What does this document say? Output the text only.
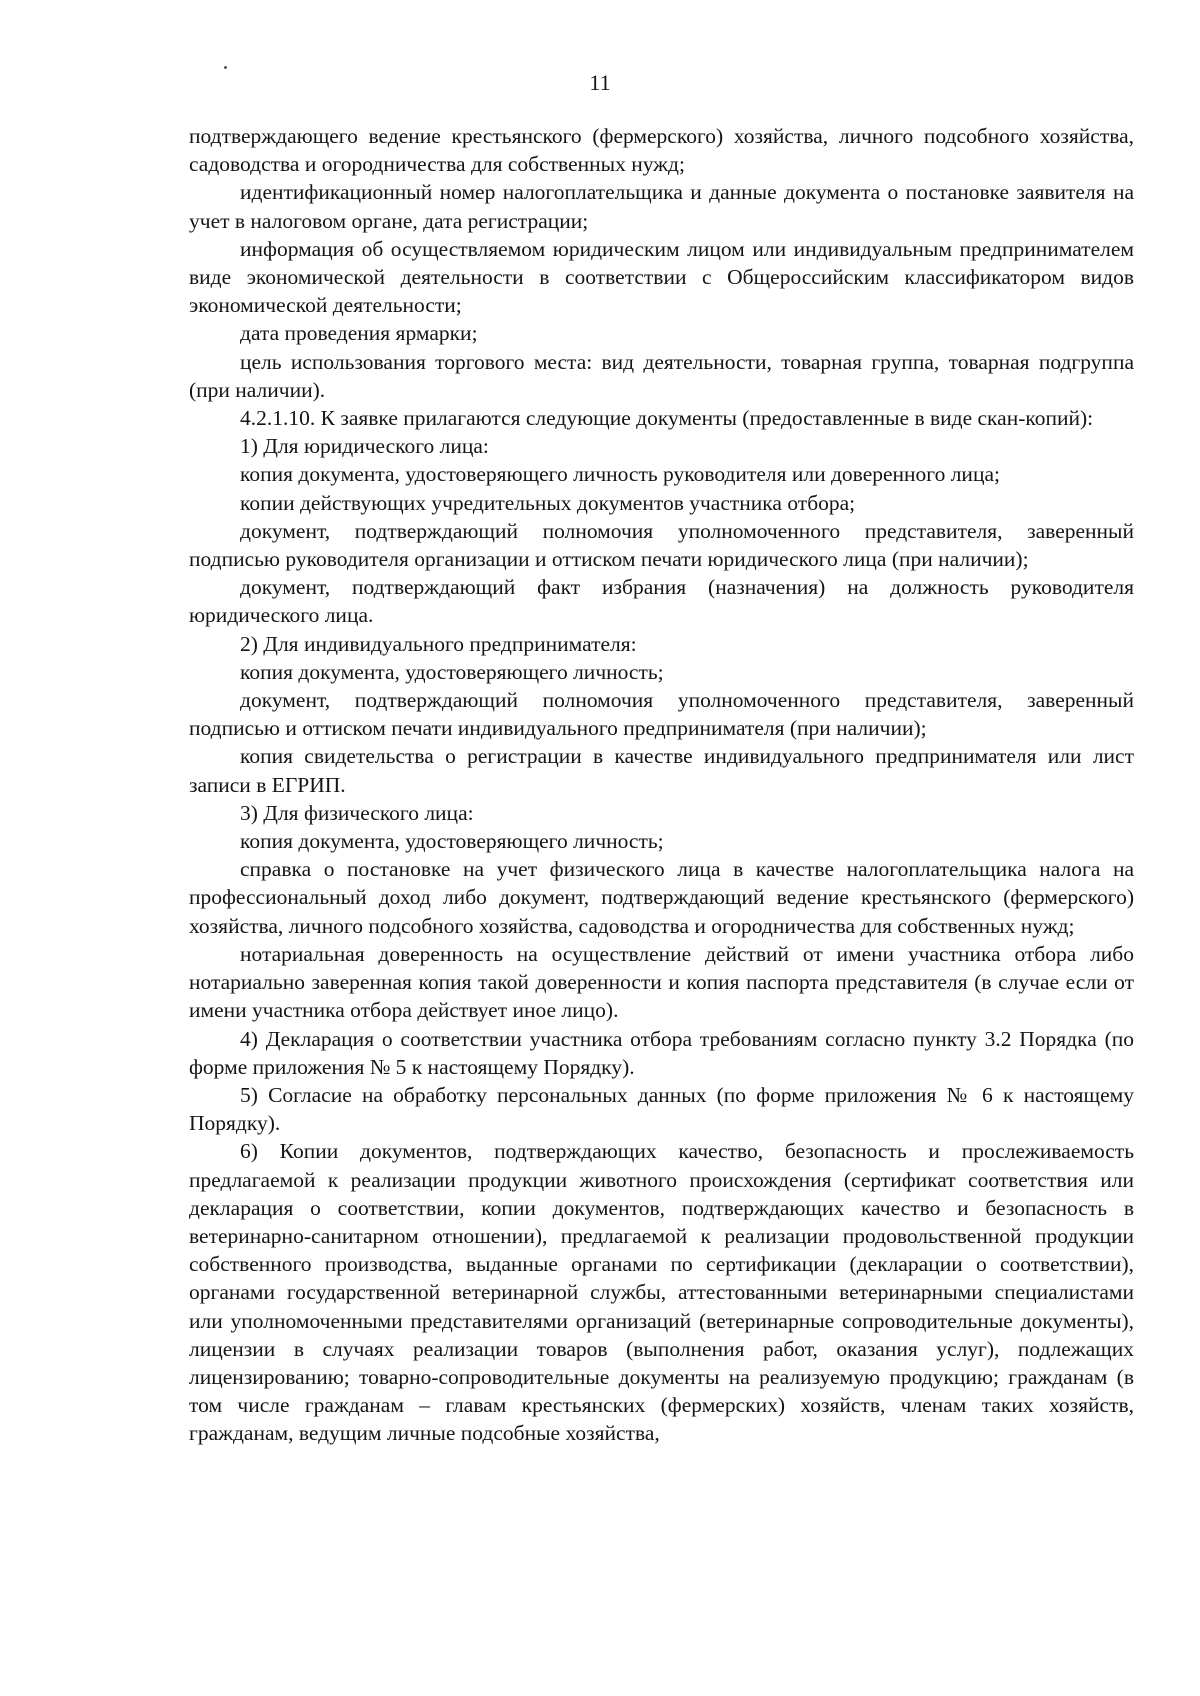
11

подтверждающего ведение крестьянского (фермерского) хозяйства, личного подсобного хозяйства, садоводства и огородничества для собственных нужд;

идентификационный номер налогоплательщика и данные документа о постановке заявителя на учет в налоговом органе, дата регистрации;

информация об осуществляемом юридическим лицом или индивидуальным предпринимателем виде экономической деятельности в соответствии с Общероссийским классификатором видов экономической деятельности;

дата проведения ярмарки;

цель использования торгового места: вид деятельности, товарная группа, товарная подгруппа (при наличии).

4.2.1.10. К заявке прилагаются следующие документы (предоставленные в виде скан-копий):

1) Для юридического лица:

копия документа, удостоверяющего личность руководителя или доверенного лица;

копии действующих учредительных документов участника отбора;

документ, подтверждающий полномочия уполномоченного представителя, заверенный подписью руководителя организации и оттиском печати юридического лица (при наличии);

документ, подтверждающий факт избрания (назначения) на должность руководителя юридического лица.

2) Для индивидуального предпринимателя:

копия документа, удостоверяющего личность;

документ, подтверждающий полномочия уполномоченного представителя, заверенный подписью и оттиском печати индивидуального предпринимателя (при наличии);

копия свидетельства о регистрации в качестве индивидуального предпринимателя или лист записи в ЕГРИП.

3) Для физического лица:

копия документа, удостоверяющего личность;

справка о постановке на учет физического лица в качестве налогоплательщика налога на профессиональный доход либо документ, подтверждающий ведение крестьянского (фермерского) хозяйства, личного подсобного хозяйства, садоводства и огородничества для собственных нужд;

нотариальная доверенность на осуществление действий от имени участника отбора либо нотариально заверенная копия такой доверенности и копия паспорта представителя (в случае если от имени участника отбора действует иное лицо).

4) Декларация о соответствии участника отбора требованиям согласно пункту 3.2 Порядка (по форме приложения № 5 к настоящему Порядку).

5) Согласие на обработку персональных данных (по форме приложения № 6 к настоящему Порядку).

6) Копии документов, подтверждающих качество, безопасность и прослеживаемость предлагаемой к реализации продукции животного происхождения (сертификат соответствия или декларация о соответствии, копии документов, подтверждающих качество и безопасность в ветеринарно-санитарном отношении), предлагаемой к реализации продовольственной продукции собственного производства, выданные органами по сертификации (декларации о соответствии), органами государственной ветеринарной службы, аттестованными ветеринарными специалистами или уполномоченными представителями организаций (ветеринарные сопроводительные документы), лицензии в случаях реализации товаров (выполнения работ, оказания услуг), подлежащих лицензированию; товарно-сопроводительные документы на реализуемую продукцию; гражданам (в том числе гражданам – главам крестьянских (фермерских) хозяйств, членам таких хозяйств, гражданам, ведущим личные подсобные хозяйства,
